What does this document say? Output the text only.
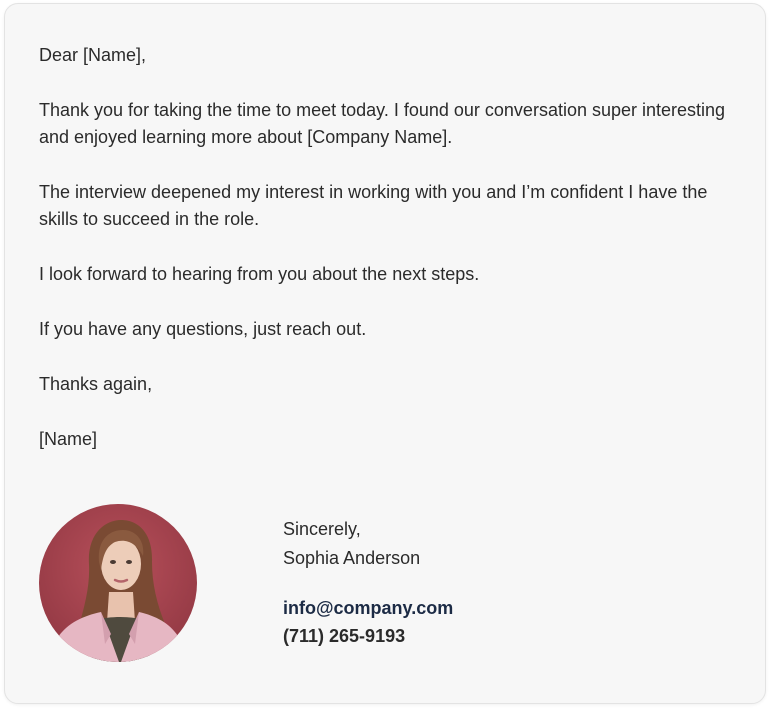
Dear [Name],

Thank you for taking the time to meet today. I found our conversation super interesting and enjoyed learning more about [Company Name].

The interview deepened my interest in working with you and I’m confident I have the skills to succeed in the role.

I look forward to hearing from you about the next steps.

If you have any questions, just reach out.

Thanks again,

[Name]

Sincerely,
Sophia Anderson
info@company.com
(711) 265-9193
